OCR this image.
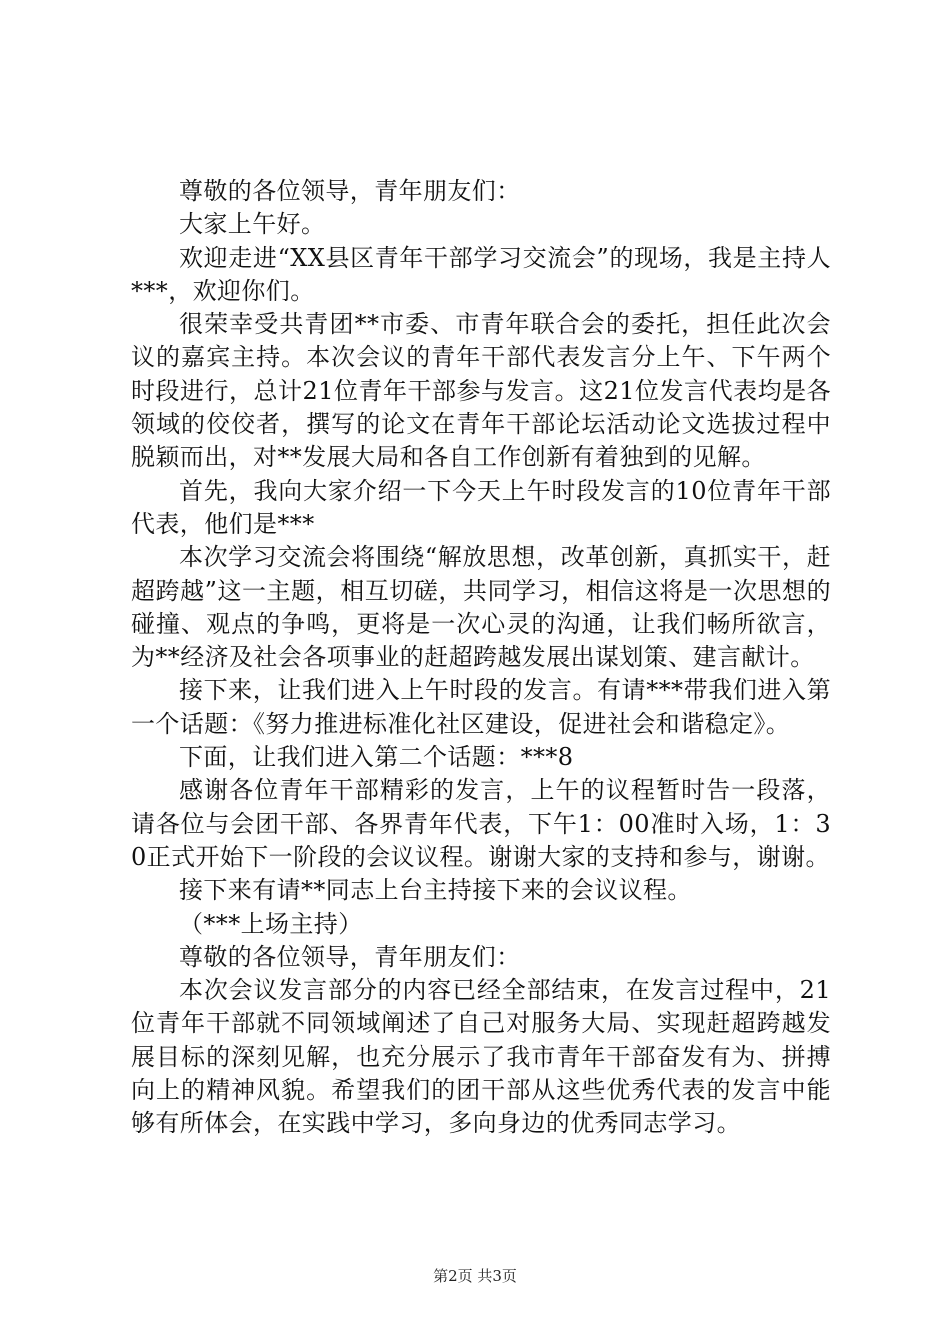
尊敬的各位领导，青年朋友们：

大家上午好。

欢迎走进“XX县区青年干部学习交流会”的现场，我是主持人***，欢迎你们。

很荣幸受共青团**市委、市青年联合会的委托，担任此次会议的嘉宾主持。本次会议的青年干部代表发言分上午、下午两个时段进行，总计21位青年干部参与发言。这21位发言代表均是各领域的佼佼者，撰写的论文在青年干部论坛活动论文选拔过程中脱颖而出，对**发展大局和各自工作创新有着独到的见解。

首先，我向大家介绍一下今天上午时段发言的10位青年干部代表，他们是***

本次学习交流会将围绕“解放思想，改革创新，真抓实干，赶超跨越”这一主题，相互切磋，共同学习，相信这将是一次思想的碰撞、观点的争鸣，更将是一次心灵的沟通，让我们畅所欲言，为**经济及社会各项事业的赶超跨越发展出谋划策、建言献计。

接下来，让我们进入上午时段的发言。有请***带我们进入第一个话题：《努力推进标准化社区建设，促进社会和谐稳定》。

下面，让我们进入第二个话题：***8

感谢各位青年干部精彩的发言，上午的议程暂时告一段落，请各位与会团干部、各界青年代表，下午1：00准时入场，1：30正式开始下一阶段的会议议程。谢谢大家的支持和参与，谢谢。

接下来有请**同志上台主持接下来的会议议程。

（***上场主持）

尊敬的各位领导，青年朋友们：

本次会议发言部分的内容已经全部结束，在发言过程中，21位青年干部就不同领域阐述了自己对服务大局、实现赶超跨越发展目标的深刻见解，也充分展示了我市青年干部奋发有为、拼搏向上的精神风貌。希望我们的团干部从这些优秀代表的发言中能够有所体会，在实践中学习，多向身边的优秀同志学习。

第2页 共3页
